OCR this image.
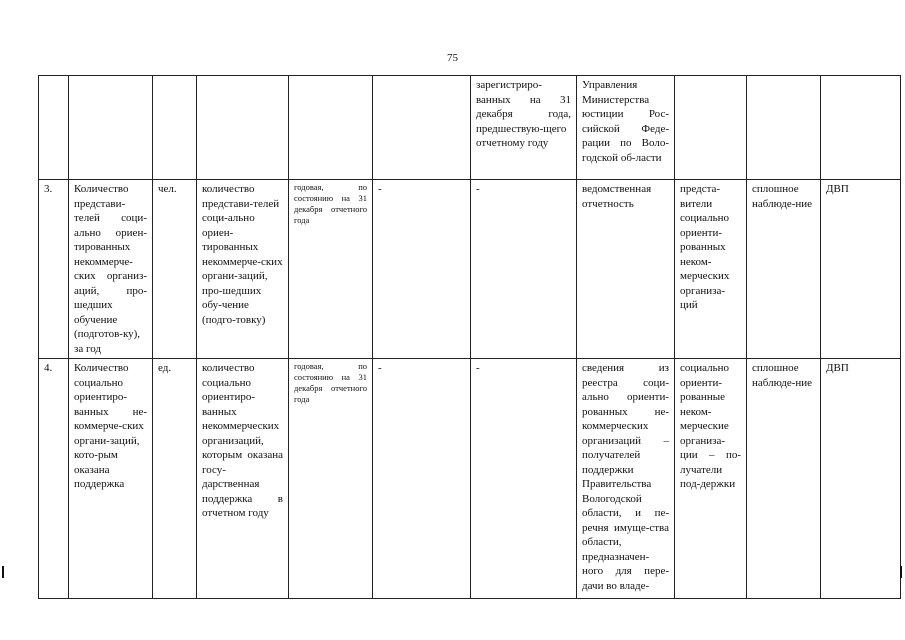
75

						зарегистриро-ванных на 31 декабря года, предшествую-щего отчетному году	Управления Министерства юстиции Рос-сийской Феде-рации по Воло-годской об-ласти			

3.	Количество представи-телей соци-ально ориен-тированных некоммерче-ских организ-аций, про-шедших обучение (подготов-ку), за год	чел.	количество представи-телей соци-ально ориен-тированных некоммерче-ских органи-заций, про-шедших обу-чение (подго-товку)	годовая, по состоянию на 31 декабря отчетного года	-	-	ведомственная отчетность	предста-вители социально ориенти-рованных неком-мерческих организа-ций	сплошное наблюде-ние	ДВП

4.	Количество социально ориентиро-ванных не-коммерче-ских органи-заций, кото-рым оказана поддержка	ед.	количество социально ориентиро-ванных некоммерческих организаций, которым оказана госу-дарственная поддержка в отчетном году	годовая, по состоянию на 31 декабря отчетного года	-	-	сведения из реестра соци-ально ориенти-рованных не-коммерческих организаций – получателей поддержки Правительства Вологодской области, и пе-речня имуще-ства области, предназначен-ного для пере-дачи во владе-	социально ориенти-рованные неком-мерческие организа-ции – по-лучатели под-держки	сплошное наблюде-ние	ДВП
